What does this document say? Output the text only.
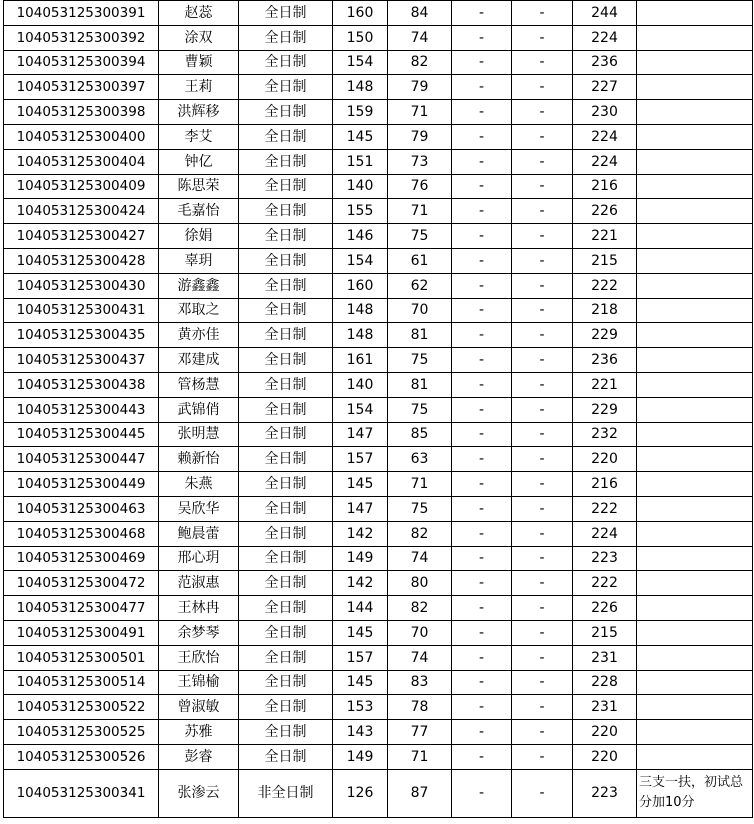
104053125300391	赵蕊	全日制	160	84	-	-	244	
104053125300392	涂双	全日制	150	74	-	-	224	
104053125300394	曹颖	全日制	154	82	-	-	236	
104053125300397	王莉	全日制	148	79	-	-	227	
104053125300398	洪辉移	全日制	159	71	-	-	230	
104053125300400	李艾	全日制	145	79	-	-	224	
104053125300404	钟亿	全日制	151	73	-	-	224	
104053125300409	陈思荣	全日制	140	76	-	-	216	
104053125300424	毛嘉怡	全日制	155	71	-	-	226	
104053125300427	徐娟	全日制	146	75	-	-	221	
104053125300428	辜玥	全日制	154	61	-	-	215	
104053125300430	游鑫鑫	全日制	160	62	-	-	222	
104053125300431	邓取之	全日制	148	70	-	-	218	
104053125300435	黄亦佳	全日制	148	81	-	-	229	
104053125300437	邓建成	全日制	161	75	-	-	236	
104053125300438	管杨慧	全日制	140	81	-	-	221	
104053125300443	武锦俏	全日制	154	75	-	-	229	
104053125300445	张明慧	全日制	147	85	-	-	232	
104053125300447	赖新怡	全日制	157	63	-	-	220	
104053125300449	朱燕	全日制	145	71	-	-	216	
104053125300463	吴欣华	全日制	147	75	-	-	222	
104053125300468	鲍晨蕾	全日制	142	82	-	-	224	
104053125300469	邢心玥	全日制	149	74	-	-	223	
104053125300472	范淑惠	全日制	142	80	-	-	222	
104053125300477	王林冉	全日制	144	82	-	-	226	
104053125300491	余梦琴	全日制	145	70	-	-	215	
104053125300501	王欣怡	全日制	157	74	-	-	231	
104053125300514	王锦榆	全日制	145	83	-	-	228	
104053125300522	曾淑敏	全日制	153	78	-	-	231	
104053125300525	苏雅	全日制	143	77	-	-	220	
104053125300526	彭睿	全日制	149	71	-	-	220	
104053125300341	张渗云	非全日制	126	87	-	-	223	三支一扶，初试总分加10分
